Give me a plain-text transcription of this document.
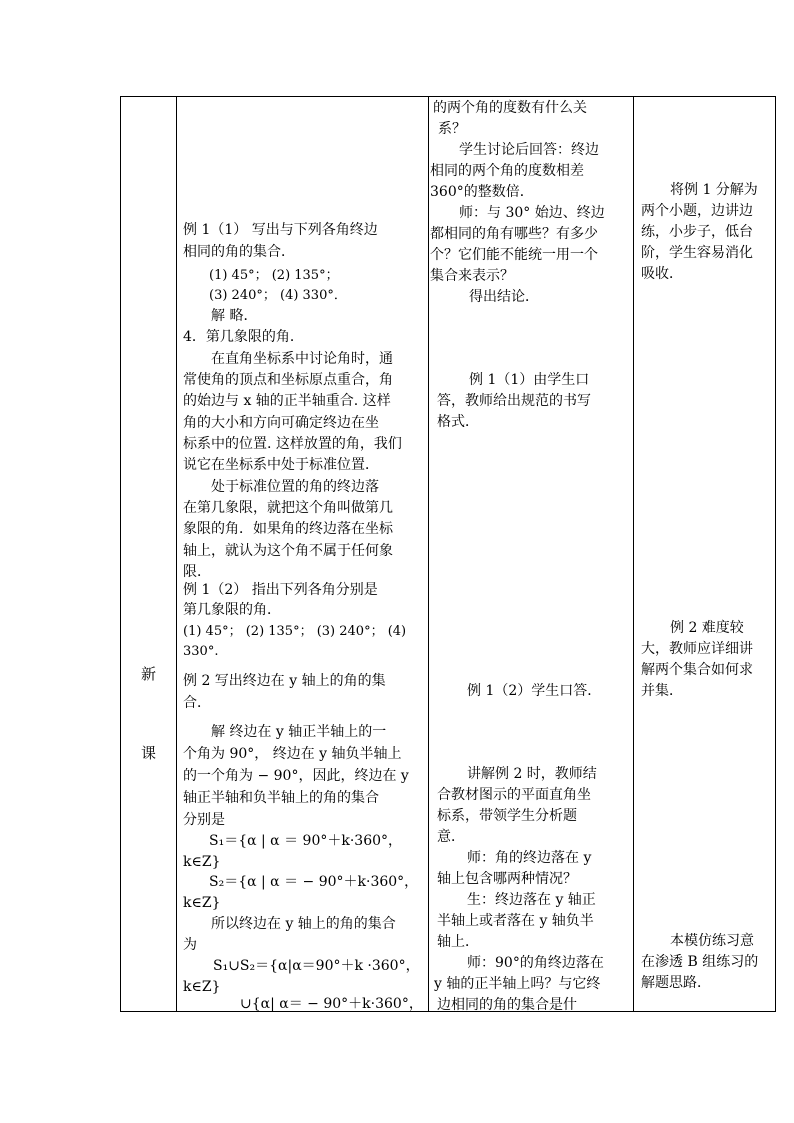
新
课
例 1（1） 写出与下列各角终边
相同的角的集合．
(1) 45°； (2) 135°；
(3) 240°； (4) 330°．
解 略．
4．第几象限的角．
在直角坐标系中讨论角时，通
常使角的顶点和坐标原点重合，角
的始边与 x 轴的正半轴重合. 这样
角的大小和方向可确定终边在坐
标系中的位置. 这样放置的角，我们
说它在坐标系中处于标准位置．
处于标准位置的角的终边落
在第几象限，就把这个角叫做第几
象限的角．如果角的终边落在坐标
轴上，就认为这个角不属于任何象
限．
例 1（2） 指出下列各角分别是
第几象限的角．
(1) 45°； (2) 135°； (3) 240°； (4)
330°.
例 2 写出终边在 y 轴上的角的集
合．
解 终边在 y 轴正半轴上的一
个角为 90°， 终边在 y 轴负半轴上
的一个角为 − 90°，因此，终边在 y
轴正半轴和负半轴上的角的集合
分别是
S₁＝{α | α ＝ 90°＋k·360°，
k∈Z}
S₂＝{α | α ＝ − 90°＋k·360°，
k∈Z}
所以终边在 y 轴上的角的集合
为
S₁∪S₂＝{α|α＝90°＋k ·360°，
k∈Z}
∪{α| α＝ − 90°＋k·360°，
的两个角的度数有什么关
系？
学生讨论后回答：终边
相同的两个角的度数相差
360°的整数倍．
师：与 30° 始边、终边
都相同的角有哪些？有多少
个？它们能不能统一用一个
集合来表示？
得出结论．
例 1（1）由学生口
答，教师给出规范的书写
格式．
例 1（2）学生口答．
讲解例 2 时，教师结
合教材图示的平面直角坐
标系，带领学生分析题
意．
师：角的终边落在 y
轴上包含哪两种情况？
生：终边落在 y 轴正
半轴上或者落在 y 轴负半
轴上．
师：90°的角终边落在
y 轴的正半轴上吗？与它终
边相同的角的集合是什
将例 1 分解为
两个小题，边讲边
练，小步子，低台
阶，学生容易消化
吸收．
例 2 难度较
大，教师应详细讲
解两个集合如何求
并集．
本模仿练习意
在渗透 B 组练习的
解题思路．
